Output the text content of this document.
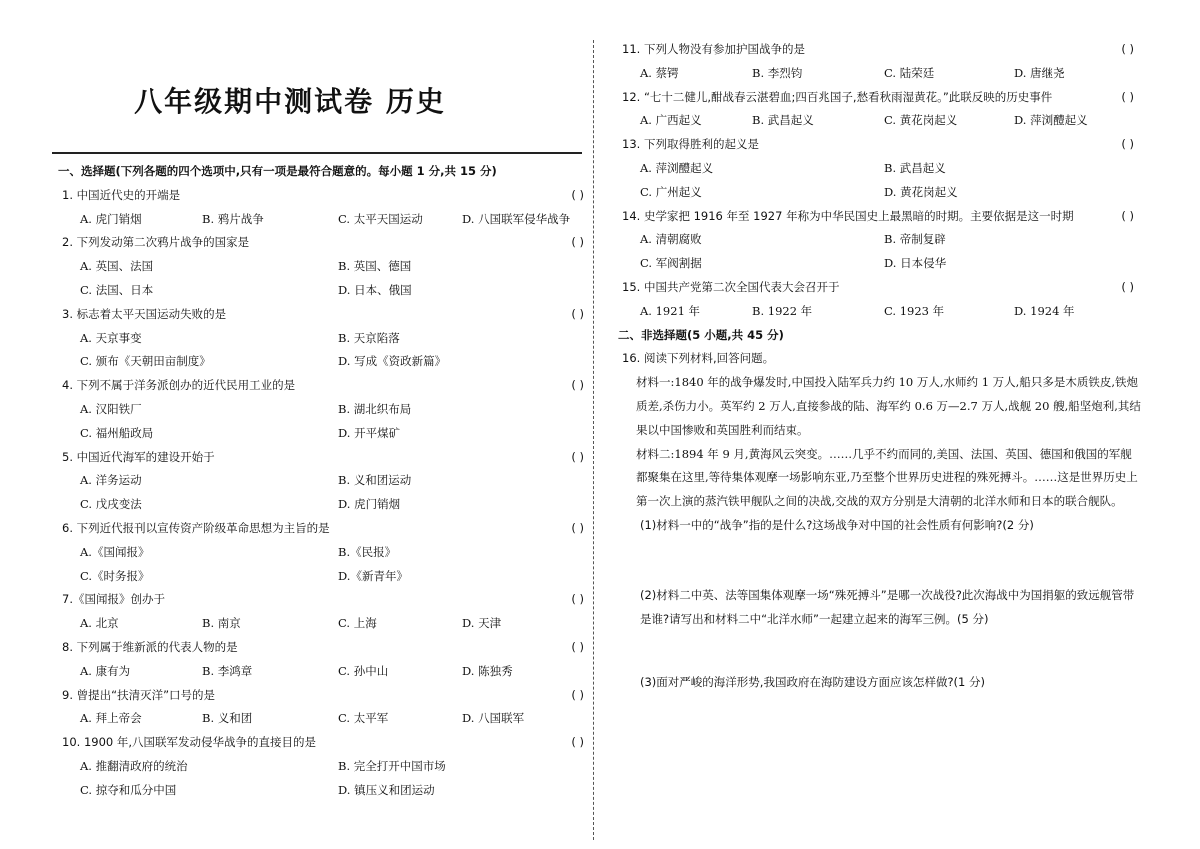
八年级期中测试卷 历史
一、选择题(下列各题的四个选项中,只有一项是最符合题意的。每小题 1 分,共 15 分)
1. 中国近代史的开端是	( )
A. 虎门销烟	B. 鸦片战争	C. 太平天国运动	D. 八国联军侵华战争
2. 下列发动第二次鸦片战争的国家是	( )
A. 英国、法国	B. 英国、德国
C. 法国、日本	D. 日本、俄国
3. 标志着太平天国运动失败的是	( )
A. 天京事变	B. 天京陷落
C. 颁布《天朝田亩制度》	D. 写成《资政新篇》
4. 下列不属于洋务派创办的近代民用工业的是	( )
A. 汉阳铁厂	B. 湖北织布局
C. 福州船政局	D. 开平煤矿
5. 中国近代海军的建设开始于	( )
A. 洋务运动	B. 义和团运动
C. 戊戌变法	D. 虎门销烟
6. 下列近代报刊以宣传资产阶级革命思想为主旨的是	( )
A.《国闻报》	B.《民报》
C.《时务报》	D.《新青年》
7.《国闻报》创办于	( )
A. 北京	B. 南京	C. 上海	D. 天津
8. 下列属于维新派的代表人物的是	( )
A. 康有为	B. 李鸿章	C. 孙中山	D. 陈独秀
9. 曾提出“扶清灭洋”口号的是	( )
A. 拜上帝会	B. 义和团	C. 太平军	D. 八国联军
10. 1900 年,八国联军发动侵华战争的直接目的是	( )
A. 推翻清政府的统治	B. 完全打开中国市场
C. 掠夺和瓜分中国	D. 镇压义和团运动
11. 下列人物没有参加护国战争的是	( )
A. 蔡锷	B. 李烈钧	C. 陆荣廷	D. 唐继尧
12. “七十二健儿,酣战春云湛碧血;四百兆国子,愁看秋雨湿黄花。”此联反映的历史事件	( )
A. 广西起义	B. 武昌起义	C. 黄花岗起义	D. 萍浏醴起义
13. 下列取得胜利的起义是	( )
A. 萍浏醴起义	B. 武昌起义
C. 广州起义	D. 黄花岗起义
14. 史学家把 1916 年至 1927 年称为中华民国史上最黑暗的时期。主要依据是这一时期	( )
A. 清朝腐败	B. 帝制复辟
C. 军阀割据	D. 日本侵华
15. 中国共产党第二次全国代表大会召开于	( )
A. 1921 年	B. 1922 年	C. 1923 年	D. 1924 年
二、非选择题(5 小题,共 45 分)
16. 阅读下列材料,回答问题。
材料一:1840 年的战争爆发时,中国投入陆军兵力约 10 万人,水师约 1 万人,船只多是木质铁皮,铁炮质差,杀伤力小。英军约 2 万人,直接参战的陆、海军约 0.6 万—2.7 万人,战舰 20 艘,船坚炮利,其结果以中国惨败和英国胜利而结束。
材料二:1894 年 9 月,黄海风云突变。……几乎不约而同的,美国、法国、英国、德国和俄国的军舰都聚集在这里,等待集体观摩一场影响东亚,乃至整个世界历史进程的殊死搏斗。……这是世界历史上第一次上演的蒸汽铁甲舰队之间的决战,交战的双方分别是大清朝的北洋水师和日本的联合舰队。
(1)材料一中的“战争”指的是什么?这场战争对中国的社会性质有何影响?(2 分)
(2)材料二中英、法等国集体观摩一场“殊死搏斗”是哪一次战役?此次海战中为国捐躯的致远舰管带是谁?请写出和材料二中“北洋水师”一起建立起来的海军三例。(5 分)
(3)面对严峻的海洋形势,我国政府在海防建设方面应该怎样做?(1 分)
